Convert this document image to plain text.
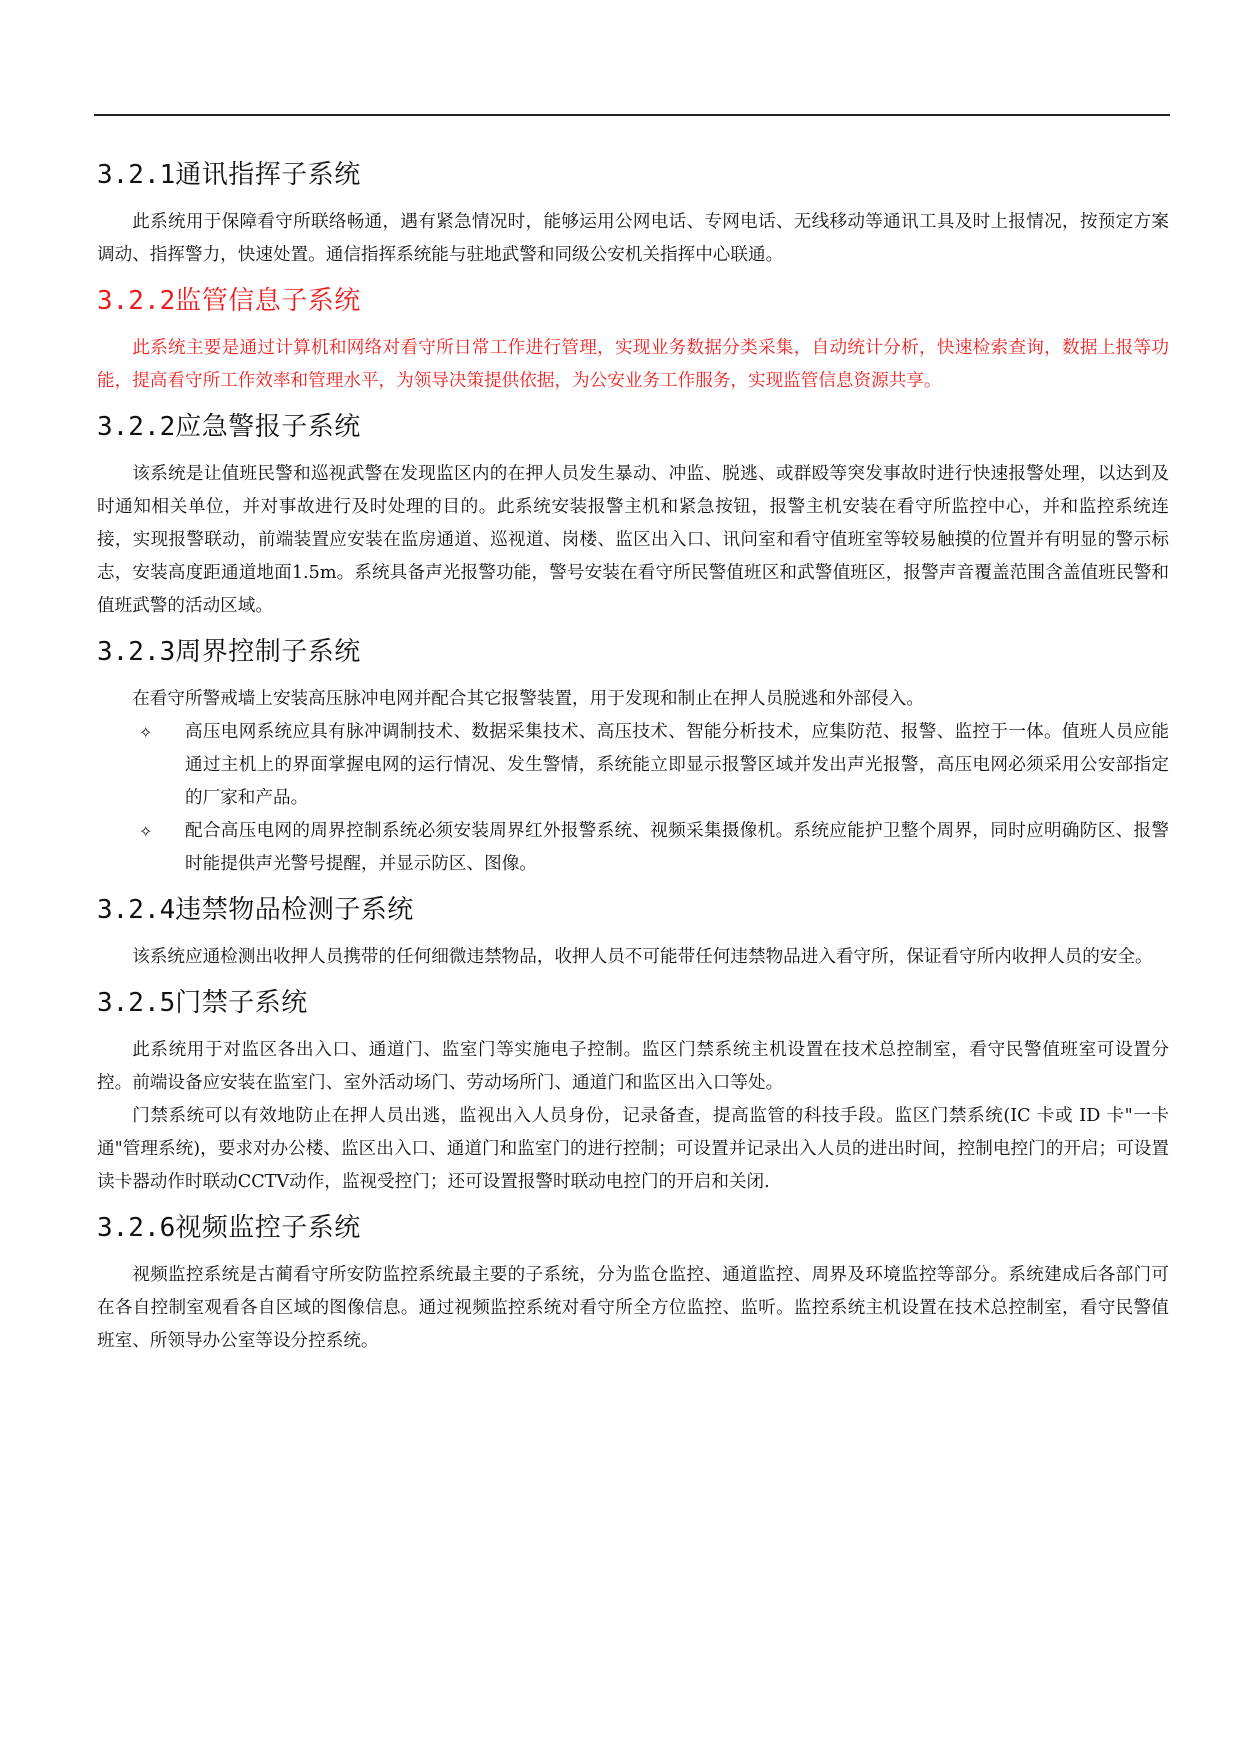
3.2.1通讯指挥子系统

此系统用于保障看守所联络畅通，遇有紧急情况时，能够运用公网电话、专网电话、无线移动等通讯工具及时上报情况，按预定方案调动、指挥警力，快速处置。通信指挥系统能与驻地武警和同级公安机关指挥中心联通。

3.2.2监管信息子系统

此系统主要是通过计算机和网络对看守所日常工作进行管理，实现业务数据分类采集，自动统计分析，快速检索查询，数据上报等功能，提高看守所工作效率和管理水平，为领导决策提供依据，为公安业务工作服务，实现监管信息资源共享。

3.2.2应急警报子系统

该系统是让值班民警和巡视武警在发现监区内的在押人员发生暴动、冲监、脱逃、或群殴等突发事故时进行快速报警处理，以达到及时通知相关单位，并对事故进行及时处理的目的。此系统安装报警主机和紧急按钮，报警主机安装在看守所监控中心，并和监控系统连接，实现报警联动，前端装置应安装在监房通道、巡视道、岗楼、监区出入口、讯问室和看守值班室等较易触摸的位置并有明显的警示标志，安装高度距通道地面1.5m。系统具备声光报警功能，警号安装在看守所民警值班区和武警值班区，报警声音覆盖范围含盖值班民警和值班武警的活动区域。

3.2.3周界控制子系统

在看守所警戒墙上安装高压脉冲电网并配合其它报警装置，用于发现和制止在押人员脱逃和外部侵入。

✧ 高压电网系统应具有脉冲调制技术、数据采集技术、高压技术、智能分析技术，应集防范、报警、监控于一体。值班人员应能通过主机上的界面掌握电网的运行情况、发生警情，系统能立即显示报警区域并发出声光报警，高压电网必须采用公安部指定的厂家和产品。
✧ 配合高压电网的周界控制系统必须安装周界红外报警系统、视频采集摄像机。系统应能护卫整个周界，同时应明确防区、报警时能提供声光警号提醒，并显示防区、图像。
3.2.4违禁物品检测子系统

该系统应通检测出收押人员携带的任何细微违禁物品，收押人员不可能带任何违禁物品进入看守所，保证看守所内收押人员的安全。

3.2.5门禁子系统

此系统用于对监区各出入口、通道门、监室门等实施电子控制。监区门禁系统主机设置在技术总控制室，看守民警值班室可设置分控。前端设备应安装在监室门、室外活动场门、劳动场所门、通道门和监区出入口等处。

门禁系统可以有效地防止在押人员出逃，监视出入人员身份，记录备查，提高监管的科技手段。监区门禁系统(IC 卡或 ID 卡"一卡通"管理系统)，要求对办公楼、监区出入口、通道门和监室门的进行控制；可设置并记录出入人员的进出时间，控制电控门的开启；可设置读卡器动作时联动CCTV动作，监视受控门；还可设置报警时联动电控门的开启和关闭.

3.2.6视频监控子系统

视频监控系统是古蔺看守所安防监控系统最主要的子系统，分为监仓监控、通道监控、周界及环境监控等部分。系统建成后各部门可在各自控制室观看各自区域的图像信息。通过视频监控系统对看守所全方位监控、监听。监控系统主机设置在技术总控制室，看守民警值班室、所领导办公室等设分控系统。
